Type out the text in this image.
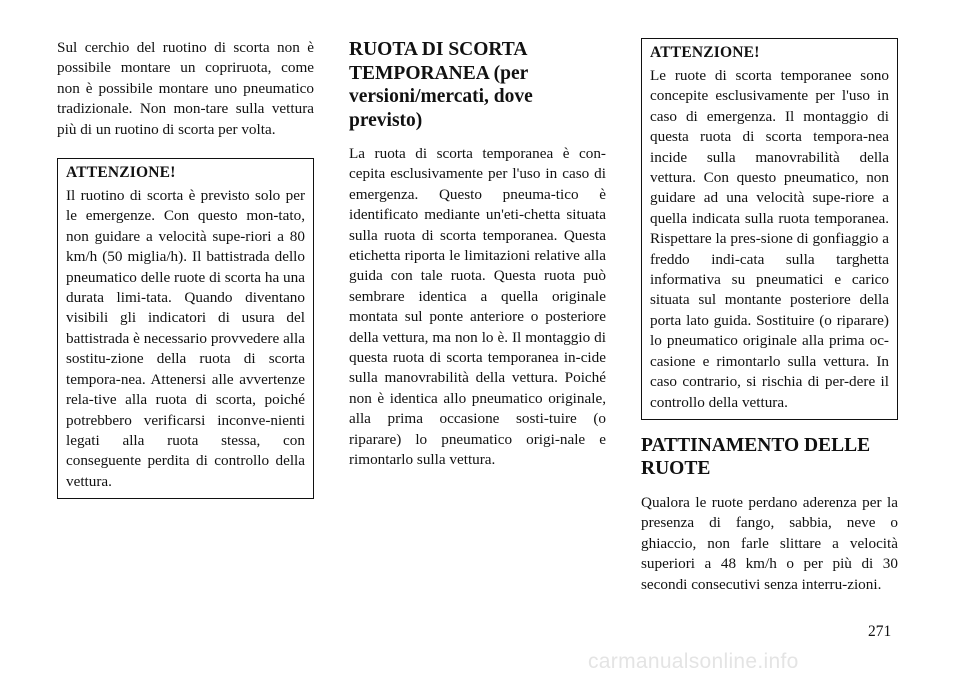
Sul cerchio del ruotino di scorta non è possibile montare un copriruota, come non è possibile montare uno pneumatico tradizionale. Non mon-tare sulla vettura più di un ruotino di scorta per volta.

ATTENZIONE!

Il ruotino di scorta è previsto solo per le emergenze. Con questo mon-tato, non guidare a velocità supe-riori a 80 km/h (50 miglia/h). Il battistrada dello pneumatico delle ruote di scorta ha una durata limi-tata. Quando diventano visibili gli indicatori di usura del battistrada è necessario provvedere alla sostitu-zione della ruota di scorta tempora-nea. Attenersi alle avvertenze rela-tive alla ruota di scorta, poiché potrebbero verificarsi inconve-nienti legati alla ruota stessa, con conseguente perdita di controllo della vettura.

RUOTA DI SCORTA TEMPORANEA (per versioni/mercati, dove previsto)

La ruota di scorta temporanea è con-cepita esclusivamente per l'uso in caso di emergenza. Questo pneuma-tico è identificato mediante un'eti-chetta situata sulla ruota di scorta temporanea. Questa etichetta riporta le limitazioni relative alla guida con tale ruota. Questa ruota può sembrare identica a quella originale montata sul ponte anteriore o posteriore della vettura, ma non lo è. Il montaggio di questa ruota di scorta temporanea in-cide sulla manovrabilità della vettura. Poiché non è identica allo pneumatico originale, alla prima occasione sosti-tuire (o riparare) lo pneumatico origi-nale e rimontarlo sulla vettura.

ATTENZIONE!

Le ruote di scorta temporanee sono concepite esclusivamente per l'uso in caso di emergenza. Il montaggio di questa ruota di scorta tempora-nea incide sulla manovrabilità della vettura. Con questo pneumatico, non guidare ad una velocità supe-riore a quella indicata sulla ruota temporanea. Rispettare la pres-sione di gonfiaggio a freddo indi-cata sulla targhetta informativa su pneumatici e carico situata sul montante posteriore della porta lato guida. Sostituire (o riparare) lo pneumatico originale alla prima oc-casione e rimontarlo sulla vettura. In caso contrario, si rischia di per-dere il controllo della vettura.

PATTINAMENTO DELLE RUOTE

Qualora le ruote perdano aderenza per la presenza di fango, sabbia, neve o ghiaccio, non farle slittare a velocità superiori a 48 km/h o per più di 30 secondi consecutivi senza interru-zioni.

271
carmanualsonline.info
